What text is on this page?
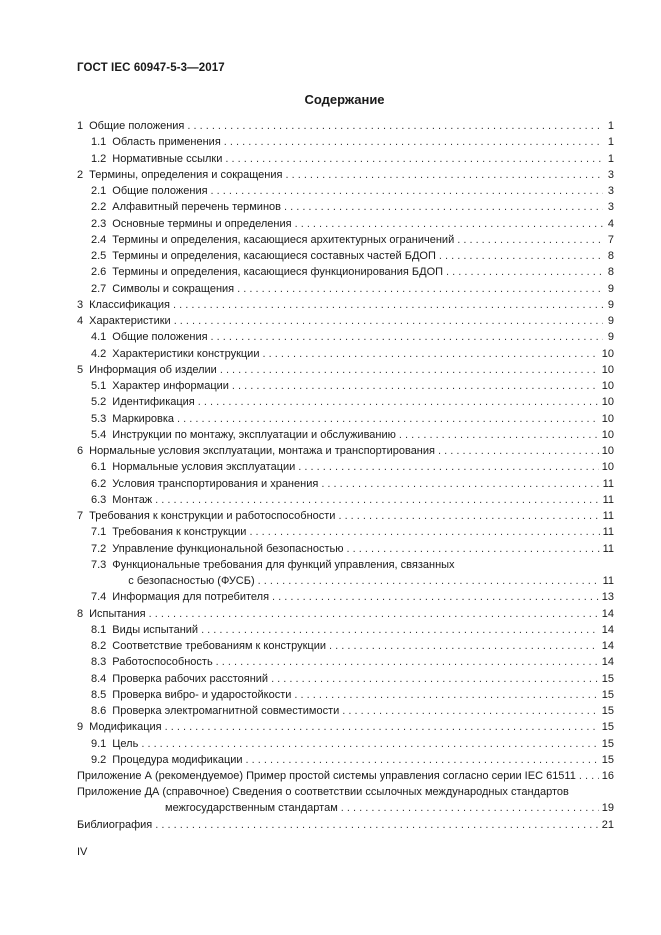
ГОСТ IEC 60947-5-3—2017
Содержание
1 Общие положения . . .	1
1.1 Область применения . . .	1
1.2 Нормативные ссылки . . .	1
2 Термины, определения и сокращения . . .	3
2.1 Общие положения . . .	3
2.2 Алфавитный перечень терминов . . .	3
2.3 Основные термины и определения . . .	4
2.4 Термины и определения, касающиеся архитектурных ограничений . . .	7
2.5 Термины и определения, касающиеся составных частей БДОП . . .	8
2.6 Термины и определения, касающиеся функционирования БДОП . . .	8
2.7 Символы и сокращения . . .	9
3 Классификация . . .	9
4 Характеристики . . .	9
4.1 Общие положения . . .	9
4.2 Характеристики конструкции . . .	10
5 Информация об изделии . . .	10
5.1 Характер информации . . .	10
5.2 Идентификация . . .	10
5.3 Маркировка . . .	10
5.4 Инструкции по монтажу, эксплуатации и обслуживанию . . .	10
6 Нормальные условия эксплуатации, монтажа и транспортирования . . .	10
6.1 Нормальные условия эксплуатации . . .	10
6.2 Условия транспортирования и хранения . . .	11
6.3 Монтаж . . .	11
7 Требования к конструкции и работоспособности . . .	11
7.1 Требования к конструкции . . .	11
7.2 Управление функциональной безопасностью . . .	11
7.3 Функциональные требования для функций управления, связанных
с безопасностью (ФУСБ) . . .	11
7.4 Информация для потребителя . . .	13
8 Испытания . . .	14
8.1 Виды испытаний . . .	14
8.2 Соответствие требованиям к конструкции . . .	14
8.3 Работоспособность . . .	14
8.4 Проверка рабочих расстояний . . .	15
8.5 Проверка вибро- и ударостойкости . . .	15
8.6 Проверка электромагнитной совместимости . . .	15
9 Модификация . . .	15
9.1 Цель . . .	15
9.2 Процедура модификации . . .	15
Приложение А (рекомендуемое) Пример простой системы управления согласно серии IEC 61511 . . . 16
Приложение ДА (справочное) Сведения о соответствии ссылочных международных стандартов
межгосударственным стандартам . . .	19
Библиография . . .	21
IV
